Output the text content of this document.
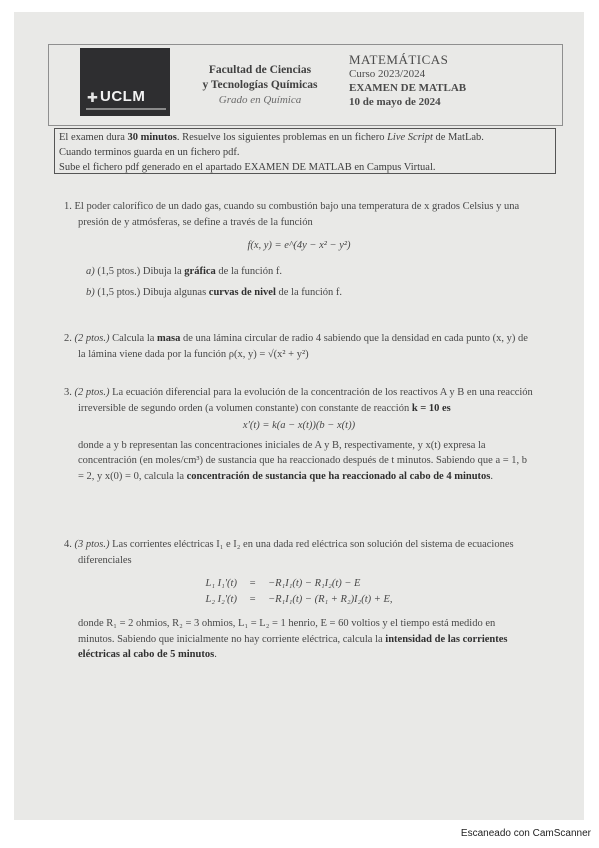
✚ UCLM
Facultad de Ciencias
y Tecnologías Químicas
Grado en Química
MATEMÁTICAS
Curso 2023/2024
EXAMEN DE MATLAB
10 de mayo de 2024
El examen dura 30 minutos. Resuelve los siguientes problemas en un fichero Live Script de MatLab.
Cuando terminos guarda en un fichero pdf.
Sube el fichero pdf generado en el apartado EXAMEN DE MATLAB en Campus Virtual.
1. El poder calorífico de un dado gas, cuando su combustión bajo una temperatura de x grados Celsius y una presión de y atmósferas, se define a través de la función
f(x, y) = e^(4y − x² − y²)
a) (1,5 ptos.) Dibuja la gráfica de la función f.
b) (1,5 ptos.) Dibuja algunas curvas de nivel de la función f.
2. (2 ptos.) Calcula la masa de una lámina circular de radio 4 sabiendo que la densidad en cada punto (x, y) de la lámina viene dada por la función ρ(x, y) = √(x² + y²)
3. (2 ptos.) La ecuación diferencial para la evolución de la concentración de los reactivos A y B en una reacción irreversible de segundo orden (a volumen constante) con constante de reacción k = 10 es
x′(t) = k(a − x(t))(b − x(t))
donde a y b representan las concentraciones iniciales de A y B, respectivamente, y x(t) expresa la concentración (en moles/cm³) de sustancia que ha reaccionado después de t minutos. Sabiendo que a = 1, b = 2, y x(0) = 0, calcula la concentración de sustancia que ha reaccionado al cabo de 4 minutos.
4. (3 ptos.) Las corrientes eléctricas I₁ e I₂ en una dada red eléctrica son solución del sistema de ecuaciones diferenciales
L₁ I₁′(t)	=	−R₁I₁(t) − R₁I₂(t) − E
L₂ I₂′(t)	=	−R₁I₁(t) − (R₁ + R₂)I₂(t) + E,
donde R₁ = 2 ohmios, R₂ = 3 ohmios, L₁ = L₂ = 1 henrio, E = 60 voltios y el tiempo está medido en minutos. Sabiendo que inicialmente no hay corriente eléctrica, calcula la intensidad de las corrientes eléctricas al cabo de 5 minutos.
Escaneado con CamScanner
